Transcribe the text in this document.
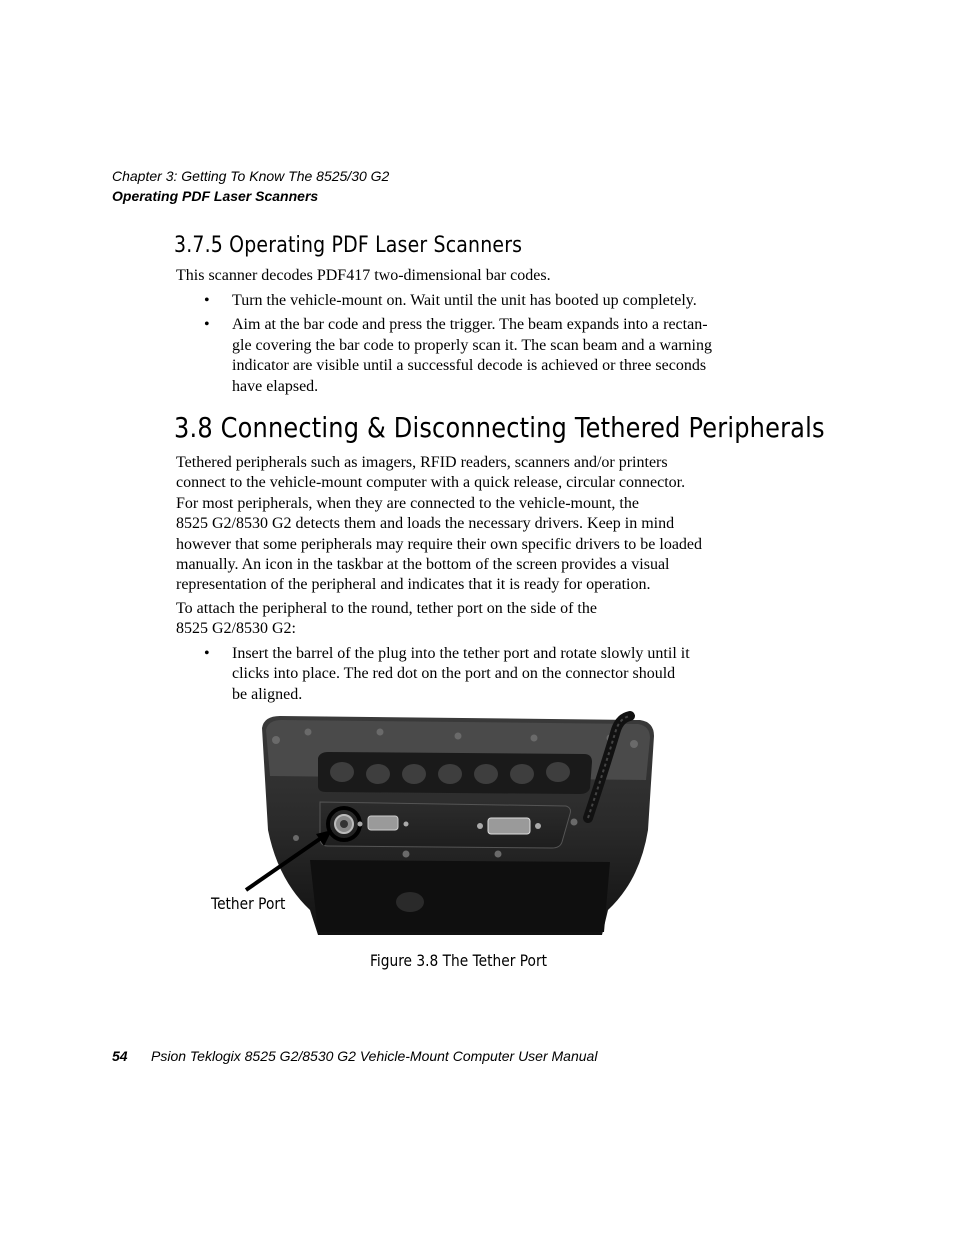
Chapter 3: Getting To Know The 8525/30 G2
Operating PDF Laser Scanners
3.7.5 Operating PDF Laser Scanners

This scanner decodes PDF417 two-dimensional bar codes.

• Turn the vehicle-mount on. Wait until the unit has booted up completely.
• Aim at the bar code and press the trigger. The beam expands into a rectan-
gle covering the bar code to properly scan it. The scan beam and a warning
indicator are visible until a successful decode is achieved or three seconds
have elapsed.
3.8 Connecting & Disconnecting Tethered Peripherals
Tethered peripherals such as imagers, RFID readers, scanners and/or printers
connect to the vehicle-mount computer with a quick release, circular connector.
For most peripherals, when they are connected to the vehicle-mount, the
8525 G2/8530 G2 detects them and loads the necessary drivers. Keep in mind
however that some peripherals may require their own specific drivers to be loaded
manually. An icon in the taskbar at the bottom of the screen provides a visual
representation of the peripheral and indicates that it is ready for operation.
To attach the peripheral to the round, tether port on the side of the
8525 G2/8530 G2:
• Insert the barrel of the plug into the tether port and rotate slowly until it
clicks into place. The red dot on the port and on the connector should
be aligned.
Tether Port
Figure 3.8 The Tether Port
54 Psion Teklogix 8525 G2/8530 G2 Vehicle-Mount Computer User Manual
